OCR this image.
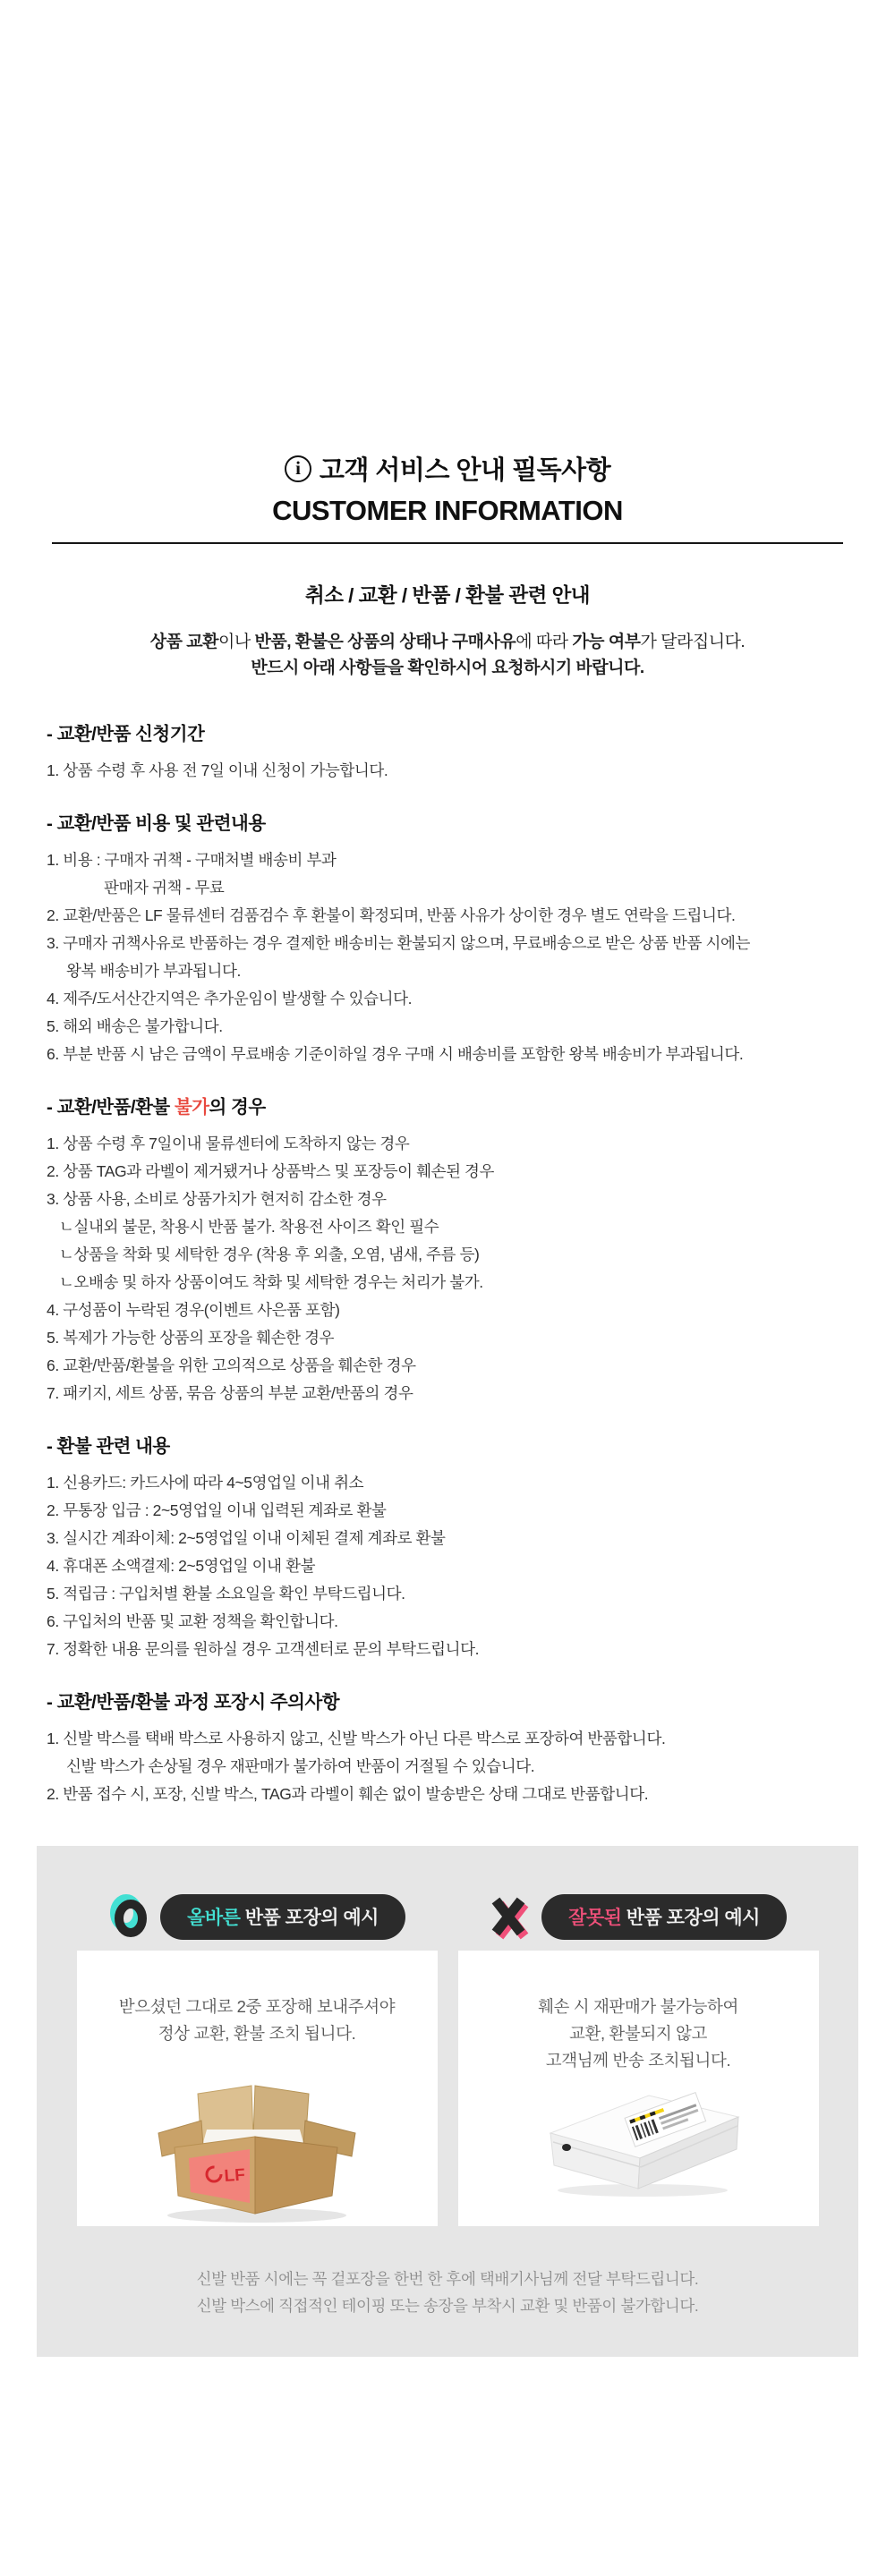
i 고객 서비스 안내 필독사항
CUSTOMER INFORMATION
취소 / 교환 / 반품 / 환불 관련 안내

상품 교환이나 반품, 환불은 상품의 상태나 구매사유에 따라 가능 여부가 달라집니다.

반드시 아래 사항들을 확인하시어 요청하시기 바랍니다.

- 교환/반품 신청기간
1. 상품 수령 후 사용 전 7일 이내 신청이 가능합니다.
- 교환/반품 비용 및 관련내용
1. 비용 : 구매자 귀책 - 구매처별 배송비 부과
판매자 귀책 - 무료
2. 교환/반품은 LF 물류센터 검품검수 후 환불이 확정되며, 반품 사유가 상이한 경우 별도 연락을 드립니다.
3. 구매자 귀책사유로 반품하는 경우 결제한 배송비는 환불되지 않으며, 무료배송으로 받은 상품 반품 시에는
왕복 배송비가 부과됩니다.
4. 제주/도서산간지역은 추가운임이 발생할 수 있습니다.
5. 해외 배송은 불가합니다.
6. 부분 반품 시 남은 금액이 무료배송 기준이하일 경우 구매 시 배송비를 포함한 왕복 배송비가 부과됩니다.
- 교환/반품/환불 불가의 경우
1. 상품 수령 후 7일이내 물류센터에 도착하지 않는 경우
2. 상품 TAG과 라벨이 제거됐거나 상품박스 및 포장등이 훼손된 경우
3. 상품 사용, 소비로 상품가치가 현저히 감소한 경우
ㄴ실내외 불문, 착용시 반품 불가. 착용전 사이즈 확인 필수
ㄴ상품을 착화 및 세탁한 경우 (착용 후 외출, 오염, 냄새, 주름 등)
ㄴ오배송 및 하자 상품이여도 착화 및 세탁한 경우는 처리가 불가.
4. 구성품이 누락된 경우(이벤트 사은품 포함)
5. 복제가 가능한 상품의 포장을 훼손한 경우
6. 교환/반품/환불을 위한 고의적으로 상품을 훼손한 경우
7. 패키지, 세트 상품, 묶음 상품의 부분 교환/반품의 경우
- 환불 관련 내용
1. 신용카드: 카드사에 따라 4~5영업일 이내 취소
2. 무통장 입금 : 2~5영업일 이내 입력된 계좌로 환불
3. 실시간 계좌이체: 2~5영업일 이내 이체된 결제 계좌로 환불
4. 휴대폰 소액결제: 2~5영업일 이내 환불
5. 적립금 : 구입처별 환불 소요일을 확인 부탁드립니다.
6. 구입처의 반품 및 교환 정책을 확인합니다.
7. 정확한 내용 문의를 원하실 경우 고객센터로 문의 부탁드립니다.
- 교환/반품/환불 과정 포장시 주의사항
1. 신발 박스를 택배 박스로 사용하지 않고, 신발 박스가 아닌 다른 박스로 포장하여 반품합니다.
신발 박스가 손상될 경우 재판매가 불가하여 반품이 거절될 수 있습니다.
2. 반품 접수 시, 포장, 신발 박스, TAG과 라벨이 훼손 없이 발송받은 상태 그대로 반품합니다.
올바른 반품 포장의 예시
받으셨던 그대로 2중 포장해 보내주셔야
정상 교환, 환불 조치 됩니다.
LF
잘못된 반품 포장의 예시
훼손 시 재판매가 불가능하여
교환, 환불되지 않고
고객님께 반송 조치됩니다.
신발 반품 시에는 꼭 겉포장을 한번 한 후에 택배기사님께 전달 부탁드립니다.
신발 박스에 직접적인 테이핑 또는 송장을 부착시 교환 및 반품이 불가합니다.
